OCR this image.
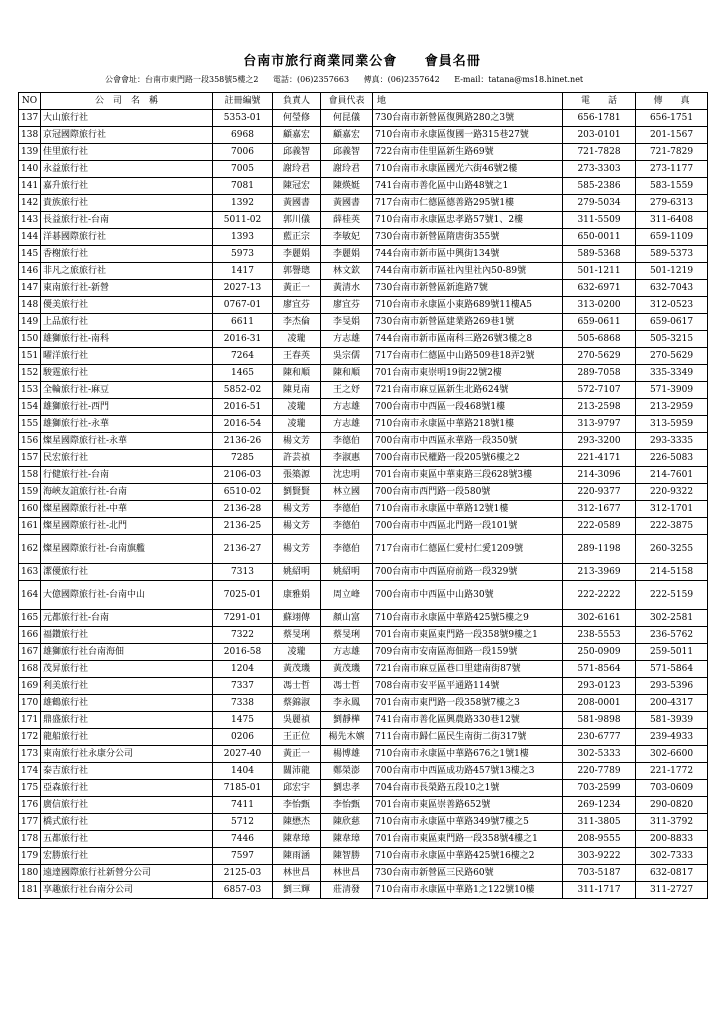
台南市旅行商業同業公會 會員名冊
公會會址：台南市東門路一段358號5樓之2 電話：(06)2357663 傳真：(06)2357642 E-mail：tatana@ms18.hinet.net
NO	公　司　名　稱	註冊編號	負責人	會員代表	地	電　　話	傳　　真
137	大山旅行社	5353-01	何瑩修	何昆儀	730台南市新營區復興路280之3號	656-1781	656-1751
138	京冠國際旅行社	6968	顧嘉宏	顧嘉宏	710台南市永康區復國一路315巷27號	203-0101	201-1567
139	佳里旅行社	7006	邱義智	邱義智	722台南市佳里區新生路69號	721-7828	721-7829
140	永益旅行社	7005	謝玲君	謝玲君	710台南市永康區國光六街46號2樓	273-3303	273-1177
141	嘉升旅行社	7081	陳冠宏	陳煐娗	741台南市善化區中山路48號之1	585-2386	583-1559
142	貴族旅行社	1392	黃國書	黃國書	717台南市仁德區德善路295號1樓	279-5034	279-6313
143	長益旅行社-台南	5011-02	郭川儀	薛桂英	710台南市永康區忠孝路57號1、2樓	311-5509	311-6408
144	洋碁國際旅行社	1393	藍正宗	李敏妃	730台南市新營區隋唐街355號	650-0011	659-1109
145	香榭旅行社	5973	李麗娟	李麗娟	744台南市新市區中興街134號	589-5368	589-5373
146	非凡之旅旅行社	1417	郭譽璁	林文欽	744台南市新市區社內里社內50-89號	501-1211	501-1219
147	東南旅行社-新營	2027-13	黃正一	黃清水	730台南市新營區新進路7號	632-6971	632-7043
148	優美旅行社	0767-01	廖宜芬	廖宜芬	710台南市永康區小東路689號11樓A5	313-0200	312-0523
149	上品旅行社	6611	李杰倫	李旻娟	730台南市新營區建業路269巷1號	659-0611	659-0617
150	雄獅旅行社-南科	2016-31	凌瓏	方志雄	744台南市新市區南科三路26號3樓之8	505-6868	505-3215
151	曜洋旅行社	7264	王春英	吳宗儒	717台南市仁德區中山路509巷18弄2號	270-5629	270-5629
152	駿霆旅行社	1465	陳和順	陳和順	701台南市東崇明19街22號2樓	289-7058	335-3349
153	全輪旅行社-麻豆	5852-02	陳見南	王之妤	721台南市麻豆區新生北路624號	572-7107	571-3909
154	雄獅旅行社-西門	2016-51	凌瓏	方志雄	700台南市中西區一段468號1樓	213-2598	213-2959
155	雄獅旅行社-永華	2016-54	凌瓏	方志雄	710台南市永康區中華路218號1樓	313-9797	313-5959
156	燦星國際旅行社-永華	2136-26	楊文芳	李德伯	700台南市中西區永華路一段350號	293-3200	293-3335
157	民宏旅行社	7285	許芸禎	李淑惠	700台南市民權路一段205號6樓之2	221-4171	226-5083
158	行健旅行社-台南	2106-03	張築源	沈忠明	701台南市東區中華東路三段628號3樓	214-3096	214-7601
159	海峽友誼旅行社-台南	6510-02	劉賢賢	林立國	700台南市西門路一段580號	220-9377	220-9322
160	燦星國際旅行社-中華	2136-28	楊文芳	李德伯	710台南市永康區中華路12號1樓	312-1677	312-1701
161	燦星國際旅行社-北門	2136-25	楊文芳	李德伯	700台南市中西區北門路一段101號	222-0589	222-3875
162	燦星國際旅行社-台南旗艦	2136-27	楊文芳	李德伯	717台南市仁德區仁愛村仁愛1209號	289-1198	260-3255
163	潔優旅行社	7313	姚紹明	姚紹明	700台南市中西區府前路一段329號	213-3969	214-5158
164	大億國際旅行社-台南中山	7025-01	康雅娟	周立峰	700台南市中西區中山路30號	222-2222	222-5159
165	元都旅行社-台南	7291-01	蘇翊傳	顏山富	710台南市永康區中華路425號5樓之9	302-6161	302-2581
166	福鑽旅行社	7322	蔡旻琍	蔡旻琍	701台南市東區東門路一段358號9樓之1	238-5553	236-5762
167	雄獅旅行社台南海佃	2016-58	凌瓏	方志雄	709台南市安南區海佃路一段159號	250-0909	259-5011
168	茂昇旅行社	1204	黃茂璣	黃茂璣	721台南市麻豆區巷口里建南街87號	571-8564	571-5864
169	利美旅行社	7337	馮士哲	馮士哲	708台南市安平區平通路114號	293-0123	293-5396
170	雄鶴旅行社	7338	蔡錦淑	李永鳳	701台南市東門路一段358號7樓之3	208-0001	200-4317
171	鼎盛旅行社	1475	吳麗禎	劉靜樺	741台南市善化區興農路330巷12號	581-9898	581-3939
172	龍船旅行社	0206	王正位	楊先木嬪	711台南市歸仁區民生南街二街317號	230-6777	239-4933
173	東南旅行社永康分公司	2027-40	黃正一	楊博雄	710台南市永康區中華路676之1號1樓	302-5333	302-6600
174	泰吉旅行社	1404	關沛龍	鄭榮澎	700台南市中西區成功路457號13樓之3	220-7789	221-1772
175	亞森旅行社	7185-01	邱宏宇	劉忠孝	704台南市長榮路五段10之1號	703-2599	703-0609
176	廣信旅行社	7411	李怡甄	李怡甄	701台南市東區崇善路652號	269-1234	290-0820
177	橋式旅行社	5712	陳懋杰	陳欣慈	710台南市永康區中華路349號7樓之5	311-3805	311-3792
178	五都旅行社	7446	陳韋璋	陳韋璋	701台南市東區東門路一段358號4樓之1	208-9555	200-8833
179	宏勝旅行社	7597	陳雨涵	陳智勝	710台南市永康區中華路425號16樓之2	303-9222	302-7333
180	遠達國際旅行社新營分公司	2125-03	林世昌	林世昌	730台南市新營區三民路60號	703-5187	632-0817
181	享趣旅行社台南分公司	6857-03	劉三輝	莊清發	710台南市永康區中華路1之122號10樓	311-1717	311-2727
